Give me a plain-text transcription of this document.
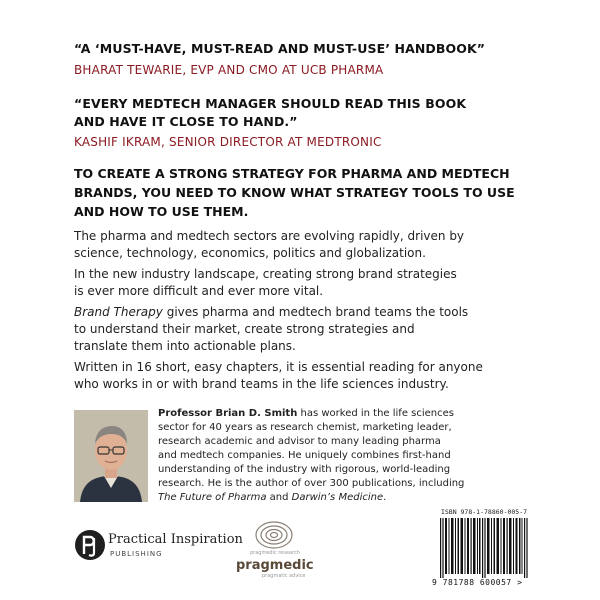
“A ‘MUST-HAVE, MUST-READ AND MUST-USE’ HANDBOOK”
BHARAT TEWARIE, EVP AND CMO AT UCB PHARMA
“EVERY MEDTECH MANAGER SHOULD READ THIS BOOK
AND HAVE IT CLOSE TO HAND.”
KASHIF IKRAM, SENIOR DIRECTOR AT MEDTRONIC
TO CREATE A STRONG STRATEGY FOR PHARMA AND MEDTECH
BRANDS, YOU NEED TO KNOW WHAT STRATEGY TOOLS TO USE
AND HOW TO USE THEM.
The pharma and medtech sectors are evolving rapidly, driven by
science, technology, economics, politics and globalization.
In the new industry landscape, creating strong brand strategies
is ever more difficult and ever more vital.
Brand Therapy gives pharma and medtech brand teams the tools
to understand their market, create strong strategies and
translate them into actionable plans.
Written in 16 short, easy chapters, it is essential reading for anyone
who works in or with brand teams in the life sciences industry.
Professor Brian D. Smith has worked in the life sciences
sector for 40 years as research chemist, marketing leader,
research academic and advisor to many leading pharma
and medtech companies. He uniquely combines first-hand
understanding of the industry with rigorous, world-leading
research. He is the author of over 300 publications, including
The Future of Pharma and Darwin’s Medicine.
Practical Inspiration
PUBLISHING	pragmedic research
pragmedic
pragmatic advice
ISBN 978-1-78860-005-7
9 781788 600057 >
